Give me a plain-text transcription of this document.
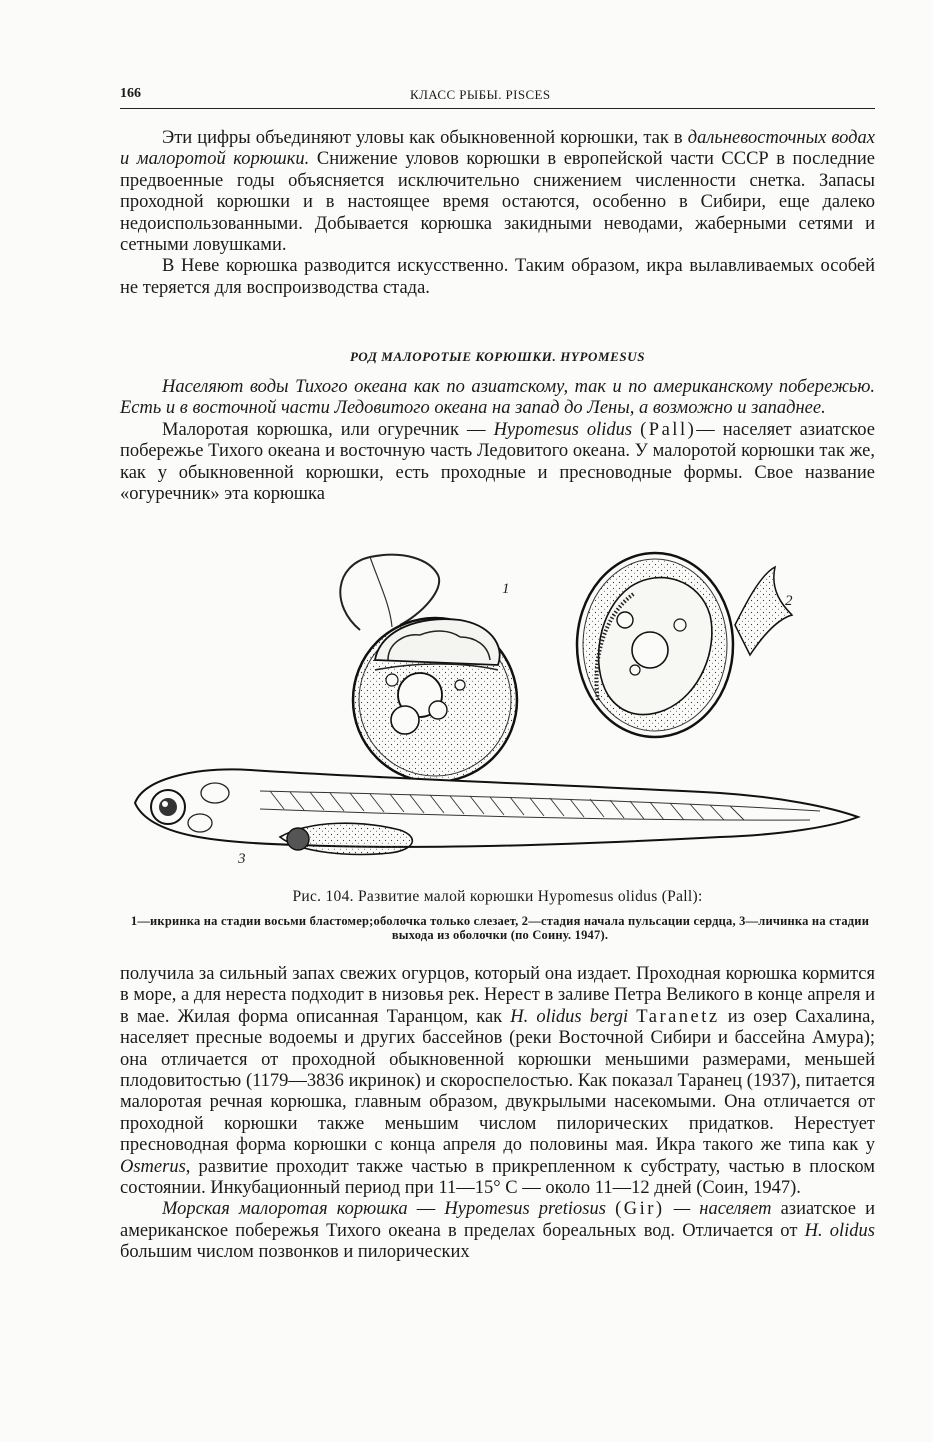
166	КЛАСС РЫБЫ. PISCES

Эти цифры объединяют уловы как обыкновенной корюшки, так в дальневосточных водах и малоротой корюшки. Снижение уловов корюшки в европейской части СССР в последние предвоенные годы объясняется исключительно снижением численности снетка. Запасы проходной корюшки и в настоящее время остаются, особенно в Сибири, еще далеко недоиспользованными. Добывается корюшка закидными неводами, жаберными сетями и сетными ловушками.

В Неве корюшка разводится искусственно. Таким образом, икра вылавливаемых особей не теряется для воспроизводства стада.

РОД МАЛОРОТЫЕ КОРЮШКИ. HYPOMESUS

Населяют воды Тихого океана как по азиатскому, так и по американскому побережью. Есть и в восточной части Ледовитого океана на запад до Лены, а возможно и западнее.

Малоротая корюшка, или огуречник — Hypomesus olidus (Pall)— населяет азиатское побережье Тихого океана и восточную часть Ледовитого океана. У малоротой корюшки так же, как у обыкновенной корюшки, есть проходные и пресноводные формы. Свое название «огуречник» эта корюшка

1
2
3
Рис. 104. Развитие малой корюшки Hypomesus olidus (Pall):
1—икринка на стадии восьми бластомер;оболочка только слезает, 2—стадия начала пульсации сердца, 3—личинка на стадии выхода из оболочки (по Соину. 1947).

получила за сильный запах свежих огурцов, который она издает. Проходная корюшка кормится в море, а для нереста подходит в низовья рек. Нерест в заливе Петра Великого в конце апреля и в мае. Жилая форма описанная Таранцом, как H. olidus bergi Taranetz из озер Сахалина, населяет пресные водоемы и других бассейнов (реки Восточной Сибири и бассейна Амура); она отличается от проходной обыкновенной корюшки меньшими размерами, меньшей плодовитостью (1179—3836 икринок) и скороспелостью. Как показал Таранец (1937), питается малоротая речная корюшка, главным образом, двукрылыми насекомыми. Она отличается от проходной корюшки также меньшим числом пилорических придатков. Нерестует пресноводная форма корюшки с конца апреля до половины мая. Икра такого же типа как у Osmerus, развитие проходит также частью в прикрепленном к субстрату, частью в плоском состоянии. Инкубационный период при 11—15° С — около 11—12 дней (Соин, 1947).

Морская малоротая корюшка — Hypomesus pretiosus (Gir) — населяет азиатское и американское побережья Тихого океана в пределах бореальных вод. Отличается от H. olidus большим числом позвонков и пилорических
